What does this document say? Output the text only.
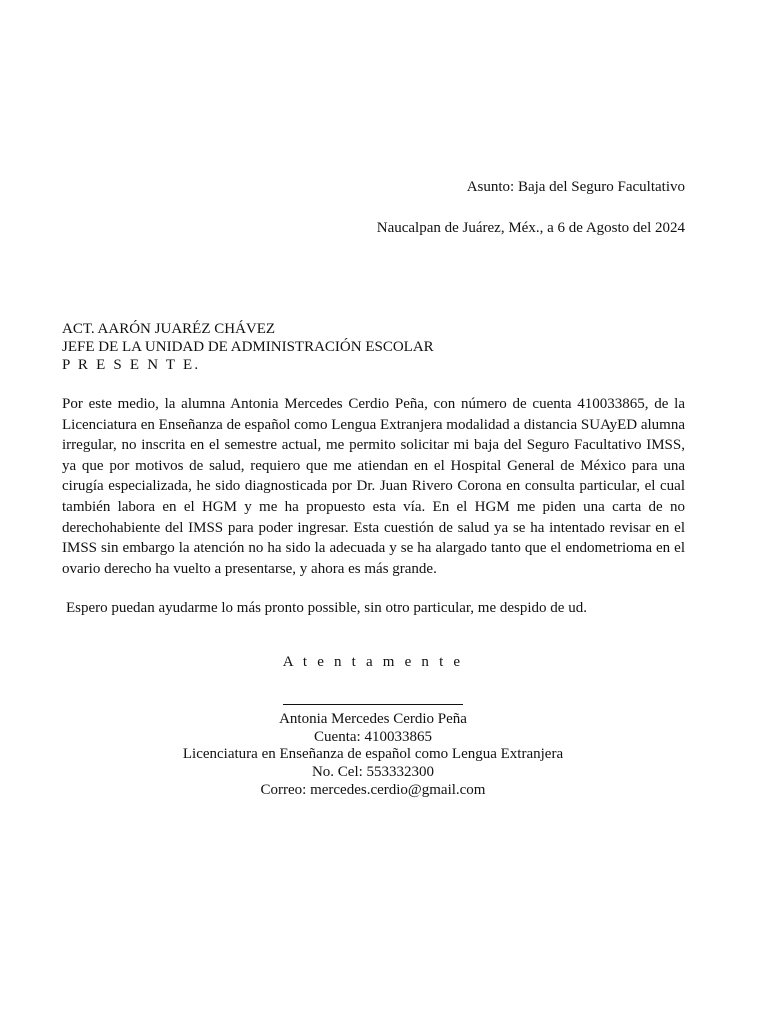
Asunto: Baja del Seguro Facultativo
Naucalpan de Juárez, Méx., a 6 de Agosto del 2024
ACT. AARÓN JUARÉZ CHÁVEZ
JEFE DE LA UNIDAD DE ADMINISTRACIÓN ESCOLAR
P R E S E N T E.

Por este medio, la alumna Antonia Mercedes Cerdio Peña, con número de cuenta 410033865, de la Licenciatura en Enseñanza de español como Lengua Extranjera modalidad a distancia SUAyED alumna irregular, no inscrita en el semestre actual, me permito solicitar mi baja del Seguro Facultativo IMSS, ya que por motivos de salud, requiero que me atiendan en el Hospital General de México para una cirugía especializada, he sido diagnosticada por Dr. Juan Rivero Corona en consulta particular, el cual también labora en el HGM y me ha propuesto esta vía. En el HGM me piden una carta de no derechohabiente del IMSS para poder ingresar. Esta cuestión de salud ya se ha intentado revisar en el IMSS sin embargo la atención no ha sido la adecuada y se ha alargado tanto que el endometrioma en el ovario derecho ha vuelto a presentarse, y ahora es más grande.

Espero puedan ayudarme lo más pronto possible, sin otro particular, me despido de ud.
A t e n t a m e n t e
Antonia Mercedes Cerdio Peña
Cuenta: 410033865
Licenciatura en Enseñanza de español como Lengua Extranjera
No. Cel: 553332300
Correo: mercedes.cerdio@gmail.com
